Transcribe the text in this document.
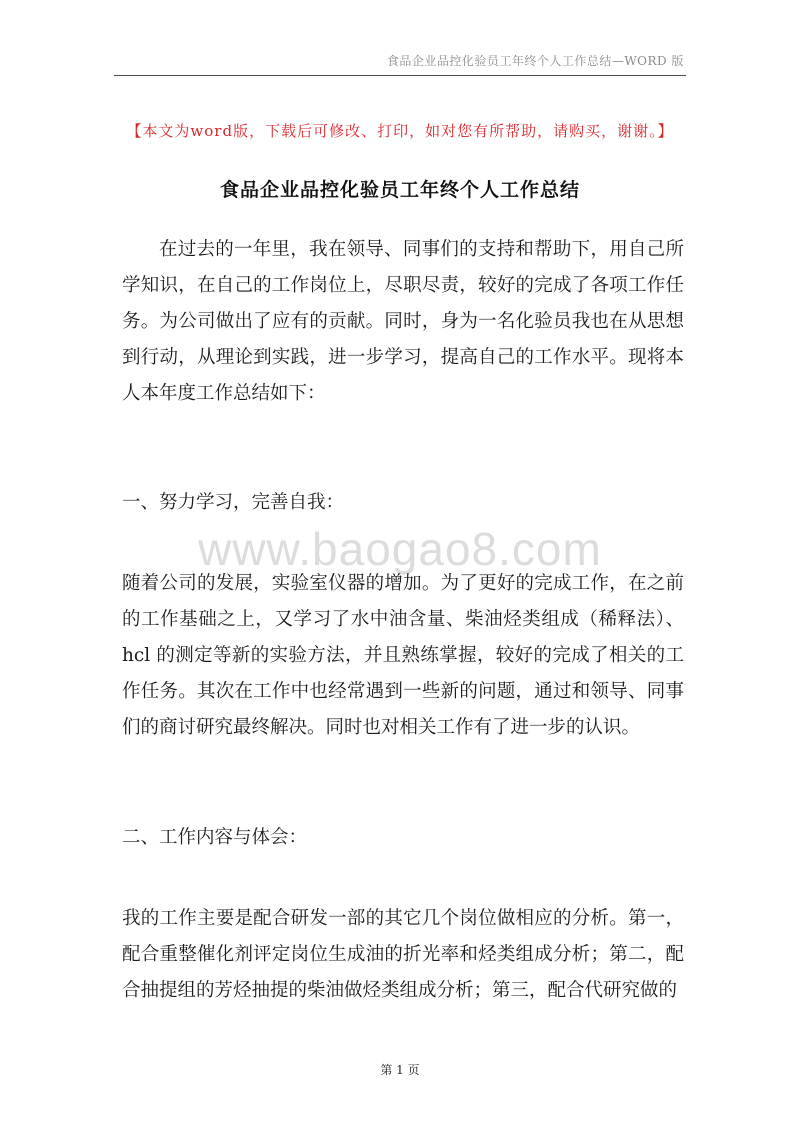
食品企业品控化验员工年终个人工作总结—WORD 版
【本文为word版，下载后可修改、打印，如对您有所帮助，请购买，谢谢。】
食品企业品控化验员工年终个人工作总结

在过去的一年里，我在领导、同事们的支持和帮助下，用自己所学知识，在自己的工作岗位上，尽职尽责，较好的完成了各项工作任务。为公司做出了应有的贡献。同时，身为一名化验员我也在从思想到行动，从理论到实践，进一步学习，提高自己的工作水平。现将本人本年度工作总结如下：

一、努力学习，完善自我：
www.baogao8.com

随着公司的发展，实验室仪器的增加。为了更好的完成工作，在之前的工作基础之上，又学习了水中油含量、柴油烃类组成（稀释法）、hcl 的测定等新的实验方法，并且熟练掌握，较好的完成了相关的工作任务。其次在工作中也经常遇到一些新的问题，通过和领导、同事们的商讨研究最终解决。同时也对相关工作有了进一步的认识。

二、工作内容与体会：

我的工作主要是配合研发一部的其它几个岗位做相应的分析。第一，配合重整催化剂评定岗位生成油的折光率和烃类组成分析；第二，配合抽提组的芳烃抽提的柴油做烃类组成分析；第三，配合代研究做的

第 1 页
